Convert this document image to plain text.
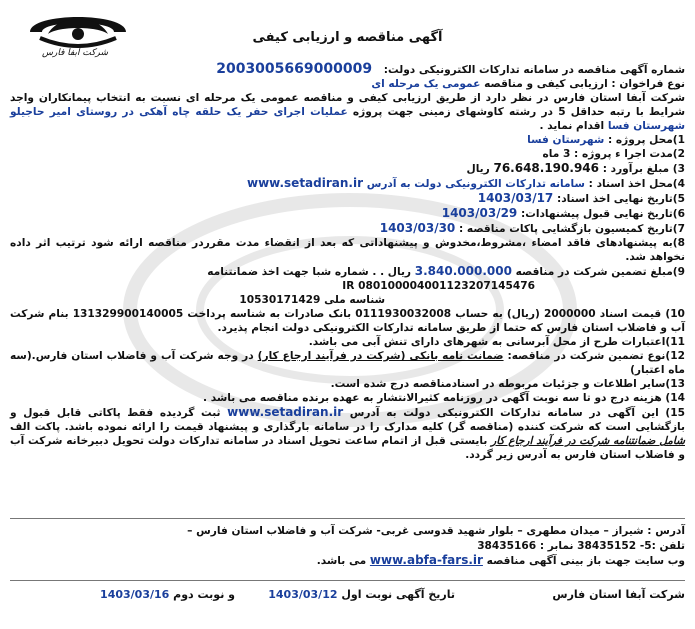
شرکت آبفا فارس
آگهی مناقصه و ارزیابی کیفی
شماره آگهی مناقصه در سامانه تدارکات الکترونیکی دولت: 2003005669000009
نوع فراخوان : ارزیابی کیفی و مناقصه عمومی یک مرحله ای
شرکت آبفا استان فارس در نظر دارد از طریق ارزیابی کیفی و مناقصه عمومی یک مرحله ای نسبت به انتخاب پیمانکاران واجد شرایط با رتبه حداقل 5 در رشته کاوشهای زمینی جهت پروژه عملیات اجرای حفر یک حلقه چاه آهکی در روستای امیر حاجیلو شهرستان فسا اقدام نماید .
1)محل پروژه : شهرستان فسا
2)مدت اجرا ء پروژه : 3 ماه
3) مبلغ برآورد : 76.648.190.946 ریال
4)محل اخذ اسناد : سامانه تدارکات الکترونیکی دولت به آدرس www.setadiran.ir
5)تاریخ نهایی اخذ اسناد: 1403/03/17
6)تاریخ نهایی قبول پیشنهادات: 1403/03/29
7)تاریخ کمیسیون بازگشایی پاکات مناقصه : 1403/03/30
8)به پیشنهادهای فاقد امضاء ،مشروط،مخدوش و پیشنهاداتی که بعد از انقضاء مدت مقرردر مناقصه ارائه شود ترتیب اثر داده نخواهد شد.
9)مبلغ تضمین شرکت در مناقصه 3.840.000.000 ریال . . شماره شبا جهت اخذ ضمانتنامه
IR 080100004001123207145476
شناسه ملی 10530171429
10) قیمت اسناد 2000000 (ریال) به حساب 0111930032008 بانک صادرات به شناسه پرداخت 131329900140005 بنام شرکت آب و فاضلاب استان فارس که حتما از طریق سامانه تدارکات الکترونیکی دولت انجام پذیرد.
11)اعتبارات طرح از محل آبرسانی به شهرهای دارای تنش آبی می باشد.
12)نوع تضمین شرکت در مناقصه: ضمانت نامه بانکی (شرکت در فرآیند ارجاع کار) در وجه شرکت آب و فاضلاب استان فارس.(سه ماه اعتبار)
13)سایر اطلاعات و جزئیات مربوطه در اسنادمناقصه درج شده است.
14) هزینه درج دو تا سه نوبت آگهی در روزنامه کثیرالانتشار به عهده برنده مناقصه می باشد .
15) این آگهی در سامانه تدارکات الکترونیکی دولت به آدرس www.setadiran.ir ثبت گردیده فقط پاکاتی قابل قبول و بازگشایی است که شرکت کننده (مناقصه گر) کلیه مدارک را در سامانه بارگذاری و پیشنهاد قیمت را ارائه نموده باشد. پاکت الف شامل ضمانتنامه شرکت در فرآیند ارجاع کار بایستی قبل از اتمام ساعت تحویل اسناد در سامانه تدارکات دولت تحویل دبیرخانه شرکت آب و فاضلاب استان فارس به آدرس زیر گردد.
آدرس : شیراز – میدان مطهری – بلوار شهید قدوسی غربی- شرکت آب و فاضلاب استان فارس –
تلفن :5- 38435152 نمابر : 38435166
وب سایت جهت باز بینی آگهی مناقصه www.abfa-fars.ir می باشد.
شرکت آبفا استان فارس
تاریخ آگهی نوبت اول 1403/03/12
و نوبت دوم 1403/03/16
